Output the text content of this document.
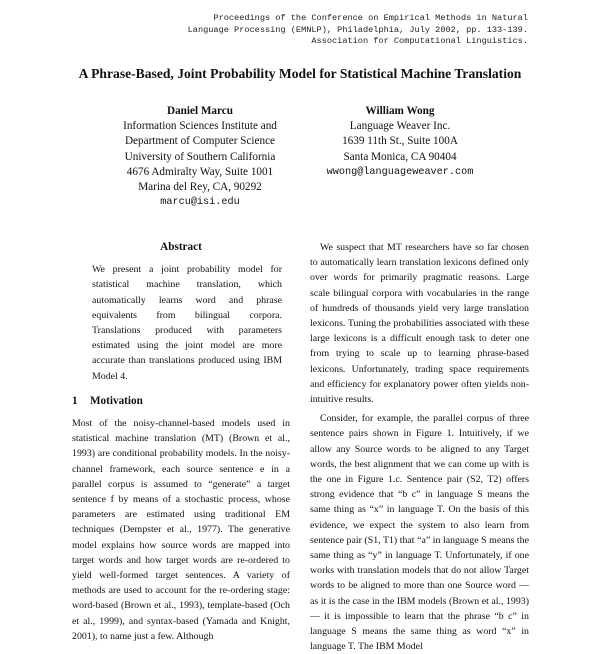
Proceedings of the Conference on Empirical Methods in Natural
Language Processing (EMNLP), Philadelphia, July 2002, pp. 133-139.
Association for Computational Linguistics.
A Phrase-Based, Joint Probability Model for Statistical Machine Translation
Daniel Marcu
Information Sciences Institute and
Department of Computer Science
University of Southern California
4676 Admiralty Way, Suite 1001
Marina del Rey, CA, 90292
marcu@isi.edu
William Wong
Language Weaver Inc.
1639 11th St., Suite 100A
Santa Monica, CA 90404
wwong@languageweaver.com
Abstract
We present a joint probability model for statistical machine translation, which automatically learns word and phrase equivalents from bilingual corpora. Translations produced with parameters estimated using the joint model are more accurate than translations produced using IBM Model 4.
1 Motivation
Most of the noisy-channel-based models used in statistical machine translation (MT) (Brown et al., 1993) are conditional probability models. In the noisy-channel framework, each source sentence e in a parallel corpus is assumed to “generate” a target sentence f by means of a stochastic process, whose parameters are estimated using traditional EM techniques (Dempster et al., 1977). The generative model explains how source words are mapped into target words and how target words are re-ordered to yield well-formed target sentences. A variety of methods are used to account for the re-ordering stage: word-based (Brown et al., 1993), template-based (Och et al., 1999), and syntax-based (Yamada and Knight, 2001), to name just a few. Although
We suspect that MT researchers have so far chosen to automatically learn translation lexicons defined only over words for primarily pragmatic reasons. Large scale bilingual corpora with vocabularies in the range of hundreds of thousands yield very large translation lexicons. Tuning the probabilities associated with these large lexicons is a difficult enough task to deter one from trying to scale up to learning phrase-based lexicons. Unfortunately, trading space requirements and efficiency for explanatory power often yields non-intuitive results.
Consider, for example, the parallel corpus of three sentence pairs shown in Figure 1. Intuitively, if we allow any Source words to be aligned to any Target words, the best alignment that we can come up with is the one in Figure 1.c. Sentence pair (S2, T2) offers strong evidence that “b c” in language S means the same thing as “x” in language T. On the basis of this evidence, we expect the system to also learn from sentence pair (S1, T1) that “a” in language S means the same thing as “y” in language T. Unfortunately, if one works with translation models that do not allow Target words to be aligned to more than one Source word — as it is the case in the IBM models (Brown et al., 1993) — it is impossible to learn that the phrase “b c” in language S means the same thing as word “x” in language T. The IBM Model
